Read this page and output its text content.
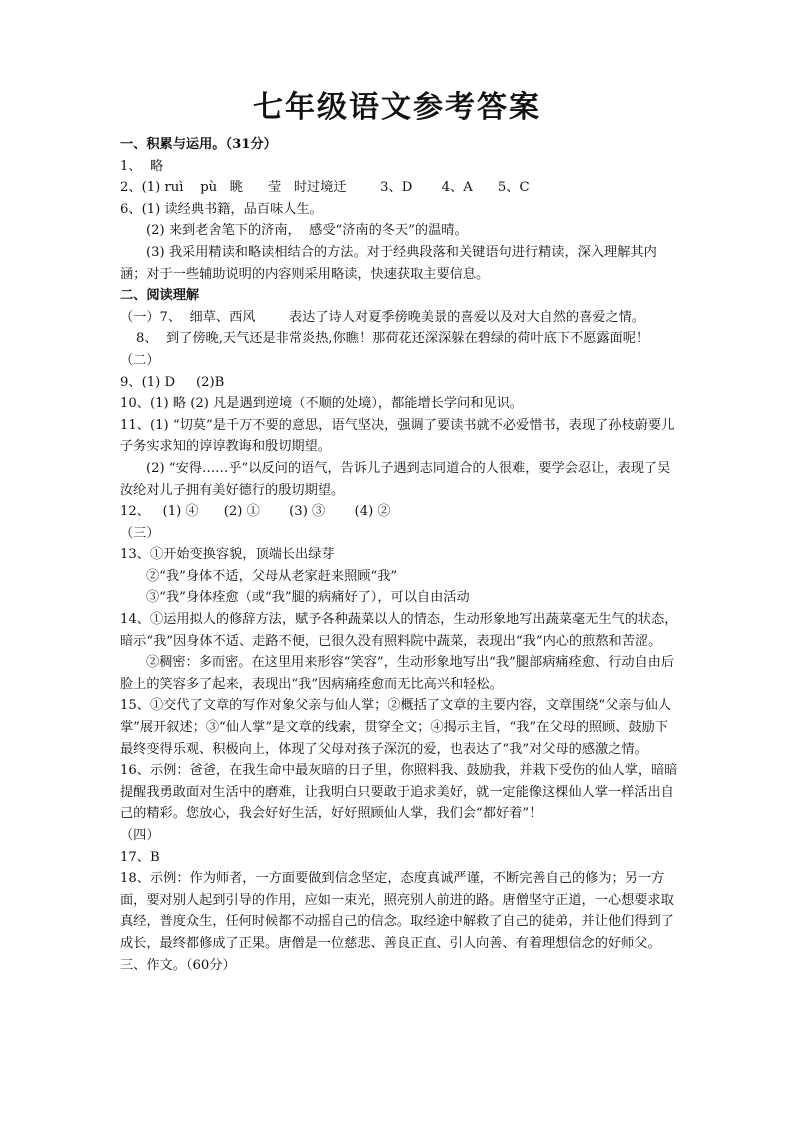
七年级语文参考答案

一、积累与运用。（31分）

1、  略

2、(1) ruì    pù   眺      莹   时过境迁        3、D       4、A      5、C

6、(1) 读经典书籍，品百味人生。

(2) 来到老舍笔下的济南，  感受“济南的冬天”的温晴。

(3) 我采用精读和略读相结合的方法。对于经典段落和关键语句进行精读，深入理解其内涵；对于一些辅助说明的内容则采用略读，快速获取主要信息。

二、阅读理解

（一）7、  细草、西风        表达了诗人对夏季傍晚美景的喜爱以及对大自然的喜爱之情。

8、  到了傍晚,天气还是非常炎热,你瞧！那荷花还深深躲在碧绿的荷叶底下不愿露面呢！

（二）

9、(1) D     (2)B

10、(1) 略 (2) 凡是遇到逆境（不顺的处境），都能增长学问和见识。

11、(1) “切莫”是千万不要的意思，语气坚决，强调了要读书就不必爱惜书，表现了孙枝蔚要儿子务实求知的谆谆教诲和殷切期望。

(2) “安得……乎”以反问的语气，告诉儿子遇到志同道合的人很难，要学会忍让，表现了吴汝纶对儿子拥有美好德行的殷切期望。

12、   (1) ④      (2) ①       (3) ③       (4) ②

（三）

13、①开始变换容貌，顶端长出绿芽

②“我”身体不适，父母从老家赶来照顾“我”

③“我”身体痊愈（或“我”腿的病痛好了），可以自由活动

14、①运用拟人的修辞方法，赋予各种蔬菜以人的情态，生动形象地写出蔬菜毫无生气的状态，暗示“我”因身体不适、走路不便，已很久没有照料院中蔬菜，表现出“我”内心的煎熬和苦涩。

②稠密：多而密。在这里用来形容“笑容”，生动形象地写出“我”腿部病痛痊愈、行动自由后脸上的笑容多了起来，表现出“我”因病痛痊愈而无比高兴和轻松。

15、①交代了文章的写作对象父亲与仙人掌；②概括了文章的主要内容，文章围绕“父亲与仙人掌”展开叙述；③“仙人掌”是文章的线索，贯穿全文；④揭示主旨，“我”在父母的照顾、鼓励下最终变得乐观、积极向上，体现了父母对孩子深沉的爱，也表达了“我”对父母的感激之情。

16、示例：爸爸，在我生命中最灰暗的日子里，你照料我、鼓励我，并栽下受伤的仙人掌，暗暗提醒我勇敢面对生活中的磨难，让我明白只要敢于追求美好，就一定能像这棵仙人掌一样活出自己的精彩。您放心，我会好好生活，好好照顾仙人掌，我们会“都好着”！

（四）

17、B

18、示例：作为师者，一方面要做到信念坚定，态度真诚严谨，不断完善自己的修为；另一方面，要对别人起到引导的作用，应如一束光，照亮别人前进的路。唐僧坚守正道，一心想要求取真经，普度众生，任何时候都不动摇自己的信念。取经途中解救了自己的徒弟，并让他们得到了成长，最终都修成了正果。唐僧是一位慈悲、善良正直、引人向善、有着理想信念的好师父。

三、作文。（60分）
